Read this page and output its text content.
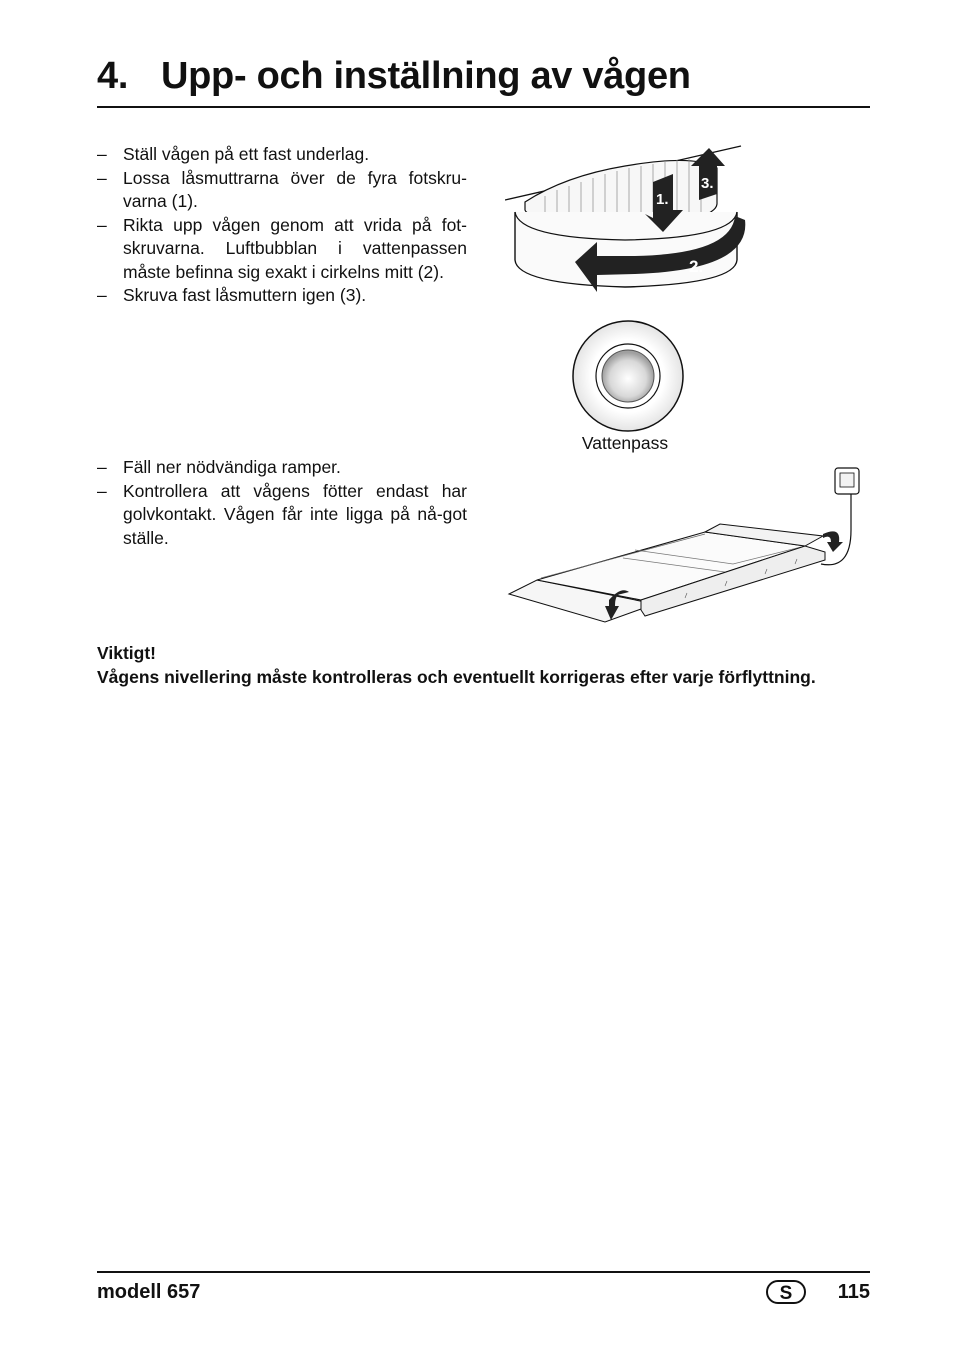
4. Upp- och inställning av vågen
– Ställ vågen på ett fast underlag.
– Lossa låsmuttrarna över de fyra fotskru-varna (1).
– Rikta upp vågen genom att vrida på fot-skruvarna. Luftbubblan i vattenpassen måste befinna sig exakt i cirkelns mitt (2).
– Skruva fast låsmuttern igen (3).
2.
1.
3.
Vattenpass
– Fäll ner nödvändiga ramper.
– Kontrollera att vågens fötter endast har golvkontakt. Vågen får inte ligga på nå-got ställe.
Viktigt!
Vågens nivellering måste kontrolleras och eventuellt korrigeras efter varje förflyttning.
modell 657	S	115
